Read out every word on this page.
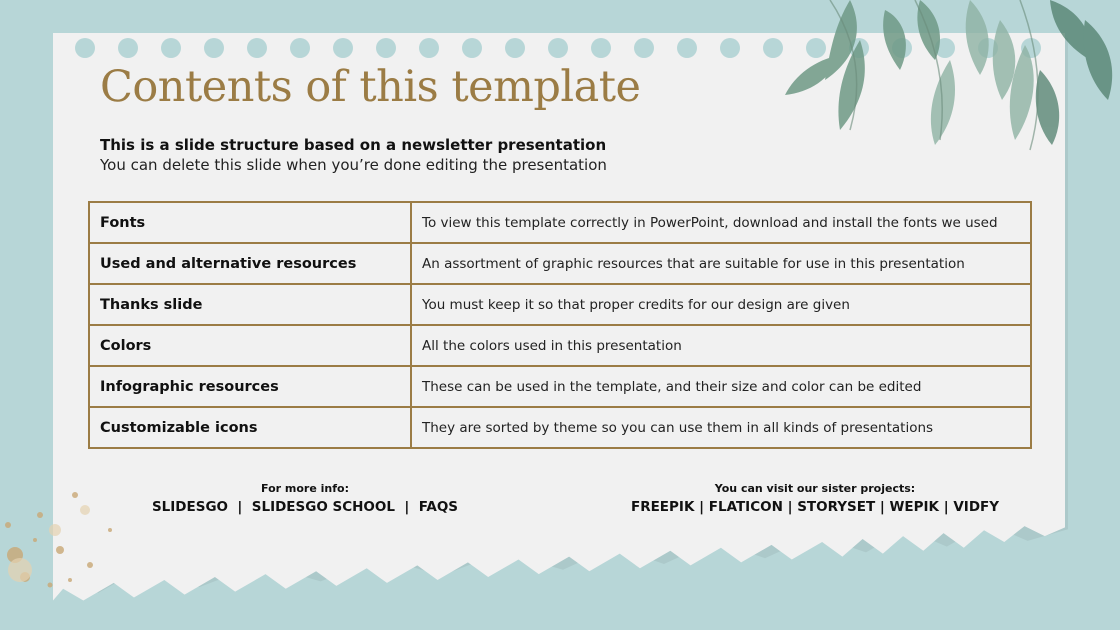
Contents of this template
This is a slide structure based on a newsletter presentation
You can delete this slide when you’re done editing the presentation
Fonts	To view this template correctly in PowerPoint, download and install the fonts we used
Used and alternative resources	An assortment of graphic resources that are suitable for use in this presentation
Thanks slide	You must keep it so that proper credits for our design are given
Colors	All the colors used in this presentation
Infographic resources	These can be used in the template, and their size and color can be edited
Customizable icons	They are sorted by theme so you can use them in all kinds of presentations
For more info:
SLIDESGO  |  SLIDESGO SCHOOL  |  FAQS
You can visit our sister projects:
FREEPIK | FLATICON | STORYSET | WEPIK | VIDFY
